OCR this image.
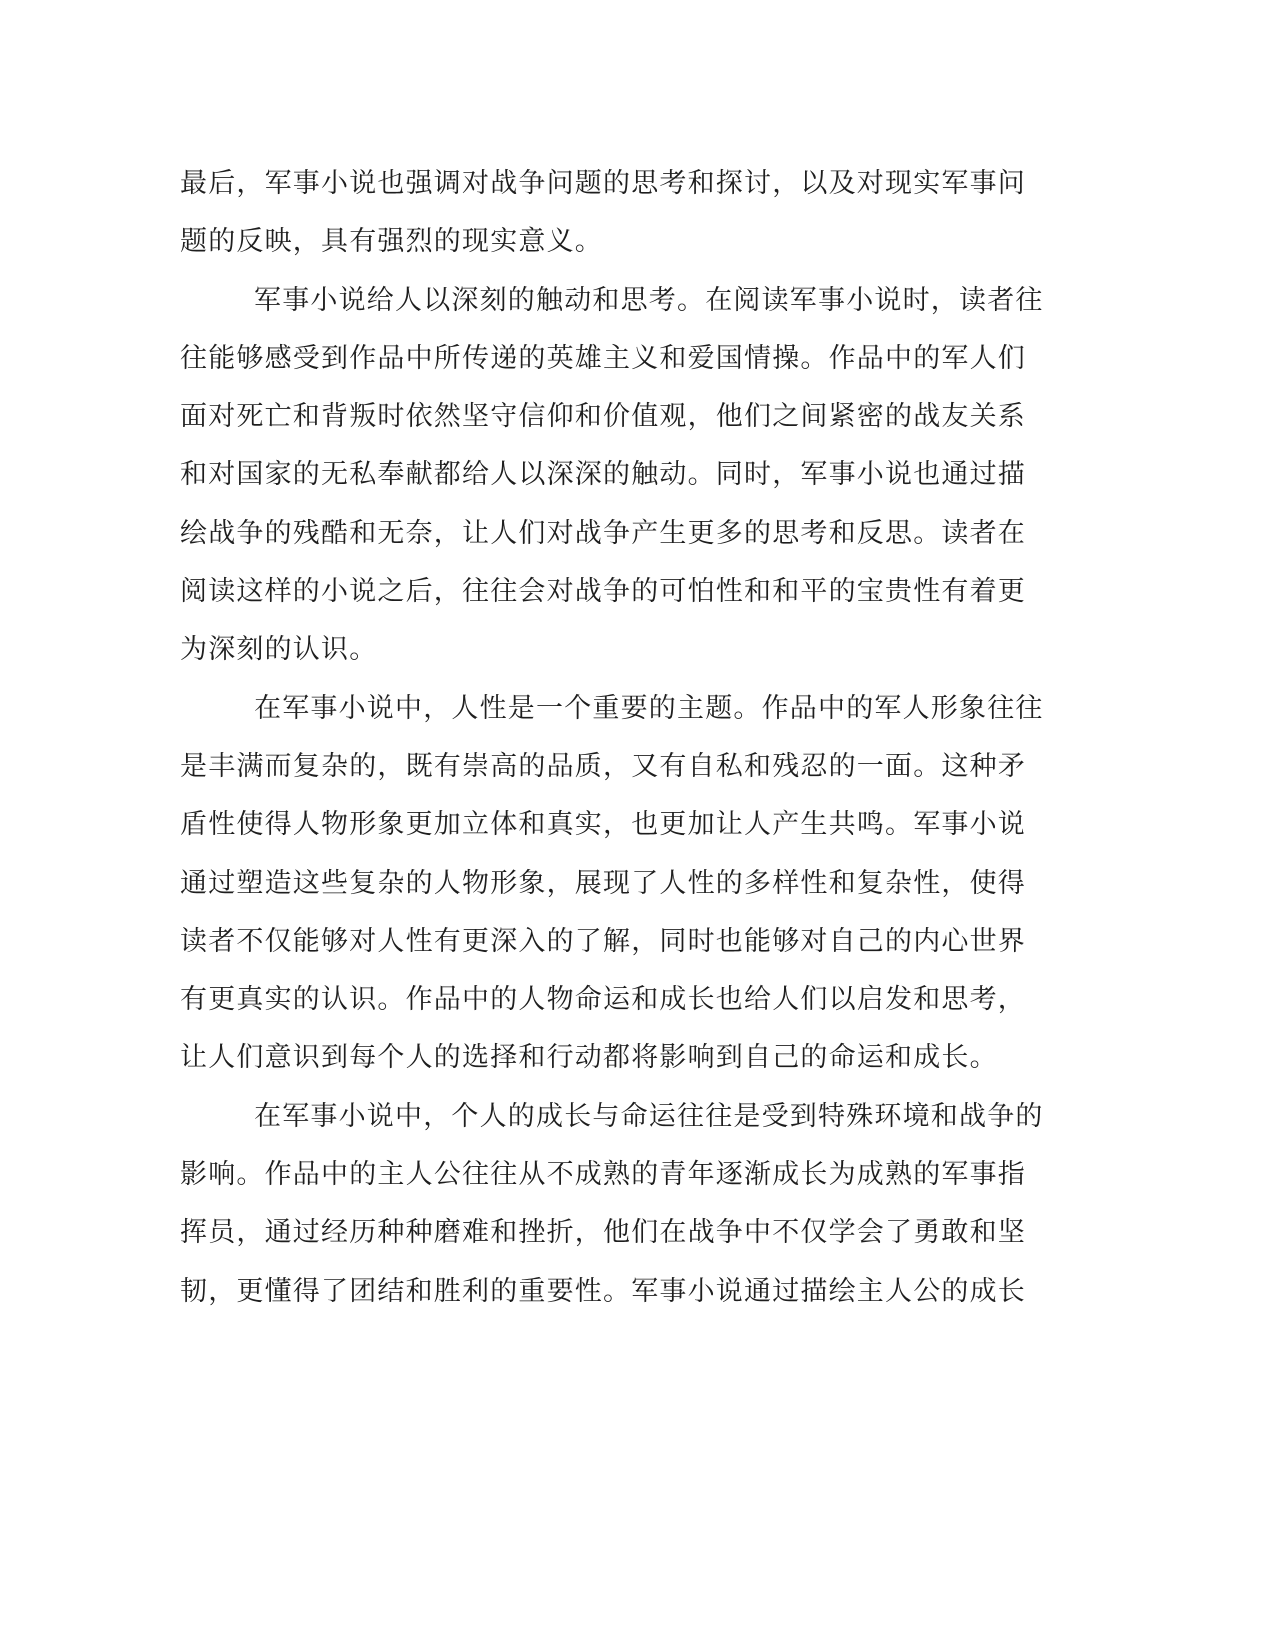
最后，军事小说也强调对战争问题的思考和探讨，以及对现实军事问
题的反映，具有强烈的现实意义。
军事小说给人以深刻的触动和思考。在阅读军事小说时，读者往
往能够感受到作品中所传递的英雄主义和爱国情操。作品中的军人们
面对死亡和背叛时依然坚守信仰和价值观，他们之间紧密的战友关系
和对国家的无私奉献都给人以深深的触动。同时，军事小说也通过描
绘战争的残酷和无奈，让人们对战争产生更多的思考和反思。读者在
阅读这样的小说之后，往往会对战争的可怕性和和平的宝贵性有着更
为深刻的认识。
在军事小说中，人性是一个重要的主题。作品中的军人形象往往
是丰满而复杂的，既有崇高的品质，又有自私和残忍的一面。这种矛
盾性使得人物形象更加立体和真实，也更加让人产生共鸣。军事小说
通过塑造这些复杂的人物形象，展现了人性的多样性和复杂性，使得
读者不仅能够对人性有更深入的了解，同时也能够对自己的内心世界
有更真实的认识。作品中的人物命运和成长也给人们以启发和思考，
让人们意识到每个人的选择和行动都将影响到自己的命运和成长。
在军事小说中，个人的成长与命运往往是受到特殊环境和战争的
影响。作品中的主人公往往从不成熟的青年逐渐成长为成熟的军事指
挥员，通过经历种种磨难和挫折，他们在战争中不仅学会了勇敢和坚
韧，更懂得了团结和胜利的重要性。军事小说通过描绘主人公的成长
